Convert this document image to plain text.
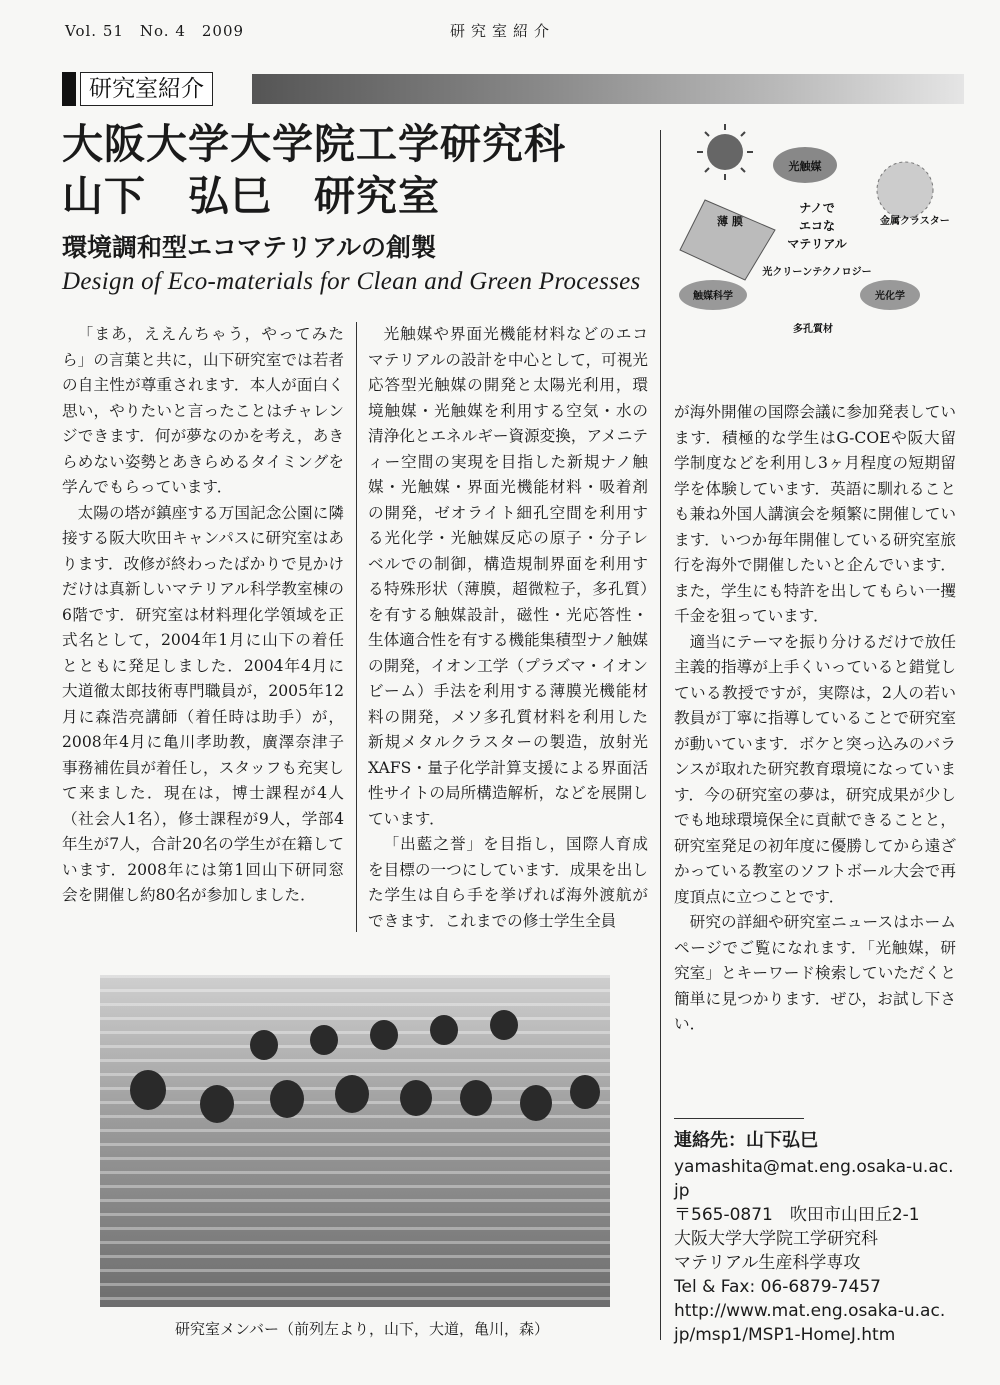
Vol. 51　No. 4　2009	研究室紹介
研究室紹介
大阪大学大学院工学研究科
山下　弘巳　研究室
環境調和型エコマテリアルの創製
Design of Eco-materials for Clean and Green Processes
光触媒
薄 膜	金属クラスター
ナノで
エコな
マテリアル
光クリーンテクノロジー
触媒科学	光化学
多孔質材

「まあ，ええんちゃう，やってみたら」の言葉と共に，山下研究室では若者の自主性が尊重されます．本人が面白く思い，やりたいと言ったことはチャレンジできます．何が夢なのかを考え，あきらめない姿勢とあきらめるタイミングを学んでもらっています．

太陽の塔が鎮座する万国記念公園に隣接する阪大吹田キャンパスに研究室はあります．改修が終わったばかりで見かけだけは真新しいマテリアル科学教室棟の6階です．研究室は材料理化学領域を正式名として，2004年1月に山下の着任とともに発足しました．2004年4月に大道徹太郎技術専門職員が，2005年12月に森浩亮講師（着任時は助手）が，2008年4月に亀川孝助教，廣澤奈津子事務補佐員が着任し，スタッフも充実して来ました．現在は，博士課程が4人（社会人1名），修士課程が9人，学部4年生が7人，合計20名の学生が在籍しています．2008年には第1回山下研同窓会を開催し約80名が参加しました．

光触媒や界面光機能材料などのエコマテリアルの設計を中心として，可視光応答型光触媒の開発と太陽光利用，環境触媒・光触媒を利用する空気・水の清浄化とエネルギー資源変換，アメニティー空間の実現を目指した新規ナノ触媒・光触媒・界面光機能材料・吸着剤の開発，ゼオライト細孔空間を利用する光化学・光触媒反応の原子・分子レベルでの制御，構造規制界面を利用する特殊形状（薄膜，超微粒子，多孔質）を有する触媒設計，磁性・光応答性・生体適合性を有する機能集積型ナノ触媒の開発，イオン工学（プラズマ・イオンビーム）手法を利用する薄膜光機能材料の開発，メソ多孔質材料を利用した新規メタルクラスターの製造，放射光XAFS・量子化学計算支援による界面活性サイトの局所構造解析，などを展開しています．

「出藍之誉」を目指し，国際人育成を目標の一つにしています．成果を出した学生は自ら手を挙げれば海外渡航ができます．これまでの修士学生全員

が海外開催の国際会議に参加発表しています．積極的な学生はG-COEや阪大留学制度などを利用し3ヶ月程度の短期留学を体験しています．英語に馴れることも兼ね外国人講演会を頻繁に開催しています．いつか毎年開催している研究室旅行を海外で開催したいと企んでいます．また，学生にも特許を出してもらい一攫千金を狙っています．

適当にテーマを振り分けるだけで放任主義的指導が上手くいっていると錯覚している教授ですが，実際は，2人の若い教員が丁寧に指導していることで研究室が動いています．ボケと突っ込みのバランスが取れた研究教育環境になっています．今の研究室の夢は，研究成果が少しでも地球環境保全に貢献できることと，研究室発足の初年度に優勝してから遠ざかっている教室のソフトボール大会で再度頂点に立つことです．

研究の詳細や研究室ニュースはホームページでご覧になれます．「光触媒，研究室」とキーワード検索していただくと簡単に見つかります．ぜひ，お試し下さい．

研究室メンバー（前列左より，山下，大道，亀川，森）
連絡先：山下弘巳
yamashita@mat.eng.osaka-u.ac.
jp
〒565-0871　吹田市山田丘2-1
大阪大学大学院工学研究科
マテリアル生産科学専攻
Tel & Fax: 06-6879-7457
http://www.mat.eng.osaka-u.ac.
jp/msp1/MSP1-HomeJ.htm
